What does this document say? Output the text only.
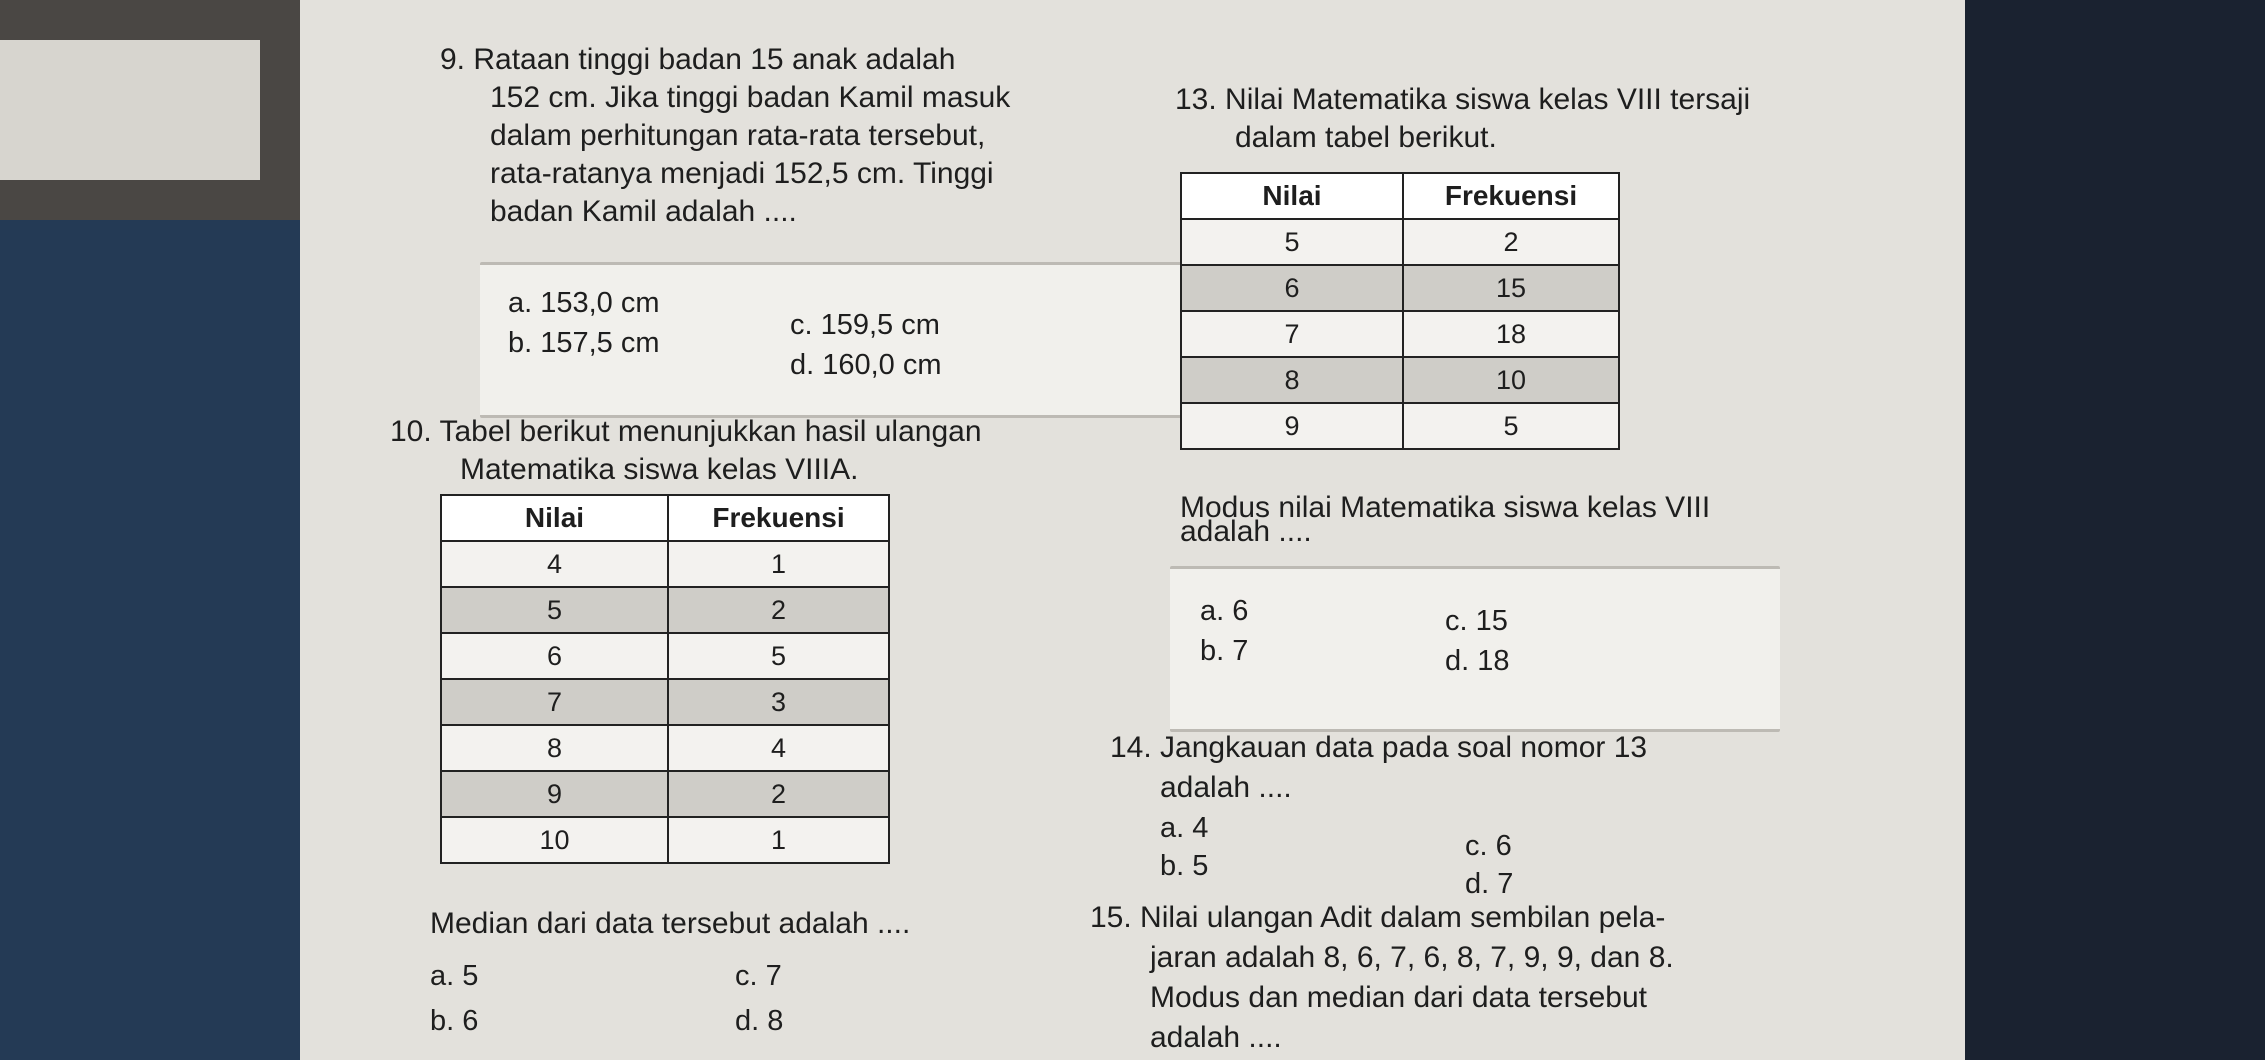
9. Rataan tinggi badan 15 anak adalah
152 cm. Jika tinggi badan Kamil masuk
dalam perhitungan rata-rata tersebut,
rata-ratanya menjadi 152,5 cm. Tinggi
badan Kamil adalah ....
a. 153,0 cm
b. 157,5 cm
c. 159,5 cm
d. 160,0 cm
10. Tabel berikut menunjukkan hasil ulangan
Matematika siswa kelas VIIIA.
Nilai	Frekuensi
4	1
5	2
6	5
7	3
8	4
9	2
10	1
Median dari data tersebut adalah ....
a. 5
b. 6
c. 7
d. 8
13. Nilai Matematika siswa kelas VIII tersaji
dalam tabel berikut.
Nilai	Frekuensi
5	2
6	15
7	18
8	10
9	5
Modus nilai Matematika siswa kelas VIII
adalah ....
a. 6
b. 7
c. 15
d. 18
14. Jangkauan data pada soal nomor 13
adalah ....
a. 4
b. 5
c. 6
d. 7
15. Nilai ulangan Adit dalam sembilan pela-
jaran adalah 8, 6, 7, 6, 8, 7, 9, 9, dan 8.
Modus dan median dari data tersebut
adalah ....
